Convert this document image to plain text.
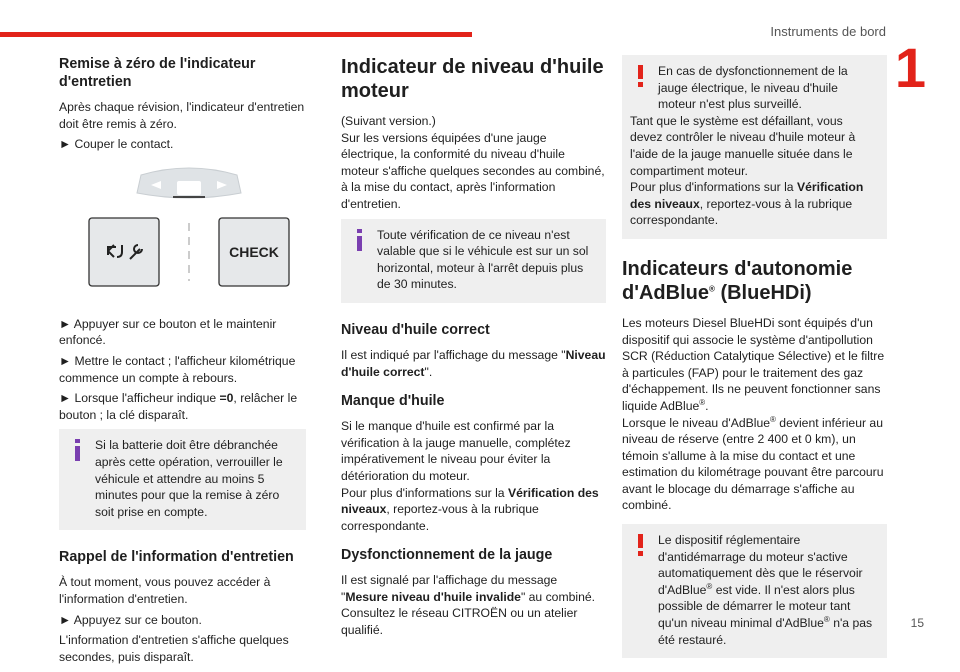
Instruments de bord
1
15
Remise à zéro de l'indicateur d'entretien

Après chaque révision, l'indicateur d'entretien doit être remis à zéro.

► Couper le contact.

CHECK

► Appuyer sur ce bouton et le maintenir enfoncé.

► Mettre le contact ; l'afficheur kilométrique commence un compte à rebours.

► Lorsque l'afficheur indique =0, relâcher le bouton ; la clé disparaît.

Si la batterie doit être débranchée après cette opération, verrouiller le véhicule et attendre au moins 5 minutes pour que la remise à zéro soit prise en compte.

Rappel de l'information d'entretien

À tout moment, vous pouvez accéder à l'information d'entretien.

► Appuyez sur ce bouton.

L'information d'entretien s'affiche quelques secondes, puis disparaît.

Indicateur de niveau d'huile moteur

(Suivant version.)

Sur les versions équipées d'une jauge électrique, la conformité du niveau d'huile moteur s'affiche quelques secondes au combiné, à la mise du contact, après l'information d'entretien.

Toute vérification de ce niveau n'est valable que si le véhicule est sur un sol horizontal, moteur à l'arrêt depuis plus de 30 minutes.

Niveau d'huile correct

Il est indiqué par l'affichage du message "Niveau d'huile correct".

Manque d'huile

Si le manque d'huile est confirmé par la vérification à la jauge manuelle, complétez impérativement le niveau pour éviter la détérioration du moteur.

Pour plus d'informations sur la Vérification des niveaux, reportez-vous à la rubrique correspondante.

Dysfonctionnement de la jauge

Il est signalé par l'affichage du message "Mesure niveau d'huile invalide" au combiné. Consultez le réseau CITROËN ou un atelier qualifié.

En cas de dysfonctionnement de la jauge électrique, le niveau d'huile moteur n'est plus surveillé.

Tant que le système est défaillant, vous devez contrôler le niveau d'huile moteur à l'aide de la jauge manuelle située dans le compartiment moteur.

Pour plus d'informations sur la Vérification des niveaux, reportez-vous à la rubrique correspondante.

Indicateurs d'autonomie d'AdBlue® (BlueHDi)

Les moteurs Diesel BlueHDi sont équipés d'un dispositif qui associe le système d'antipollution SCR (Réduction Catalytique Sélective) et le filtre à particules (FAP) pour le traitement des gaz d'échappement. Ils ne peuvent fonctionner sans liquide AdBlue®.

Lorsque le niveau d'AdBlue® devient inférieur au niveau de réserve (entre 2 400 et 0 km), un témoin s'allume à la mise du contact et une estimation du kilométrage pouvant être parcouru avant le blocage du démarrage s'affiche au combiné.

Le dispositif réglementaire d'antidémarrage du moteur s'active automatiquement dès que le réservoir d'AdBlue® est vide. Il n'est alors plus possible de démarrer le moteur tant qu'un niveau minimal d'AdBlue® n'a pas été restauré.
